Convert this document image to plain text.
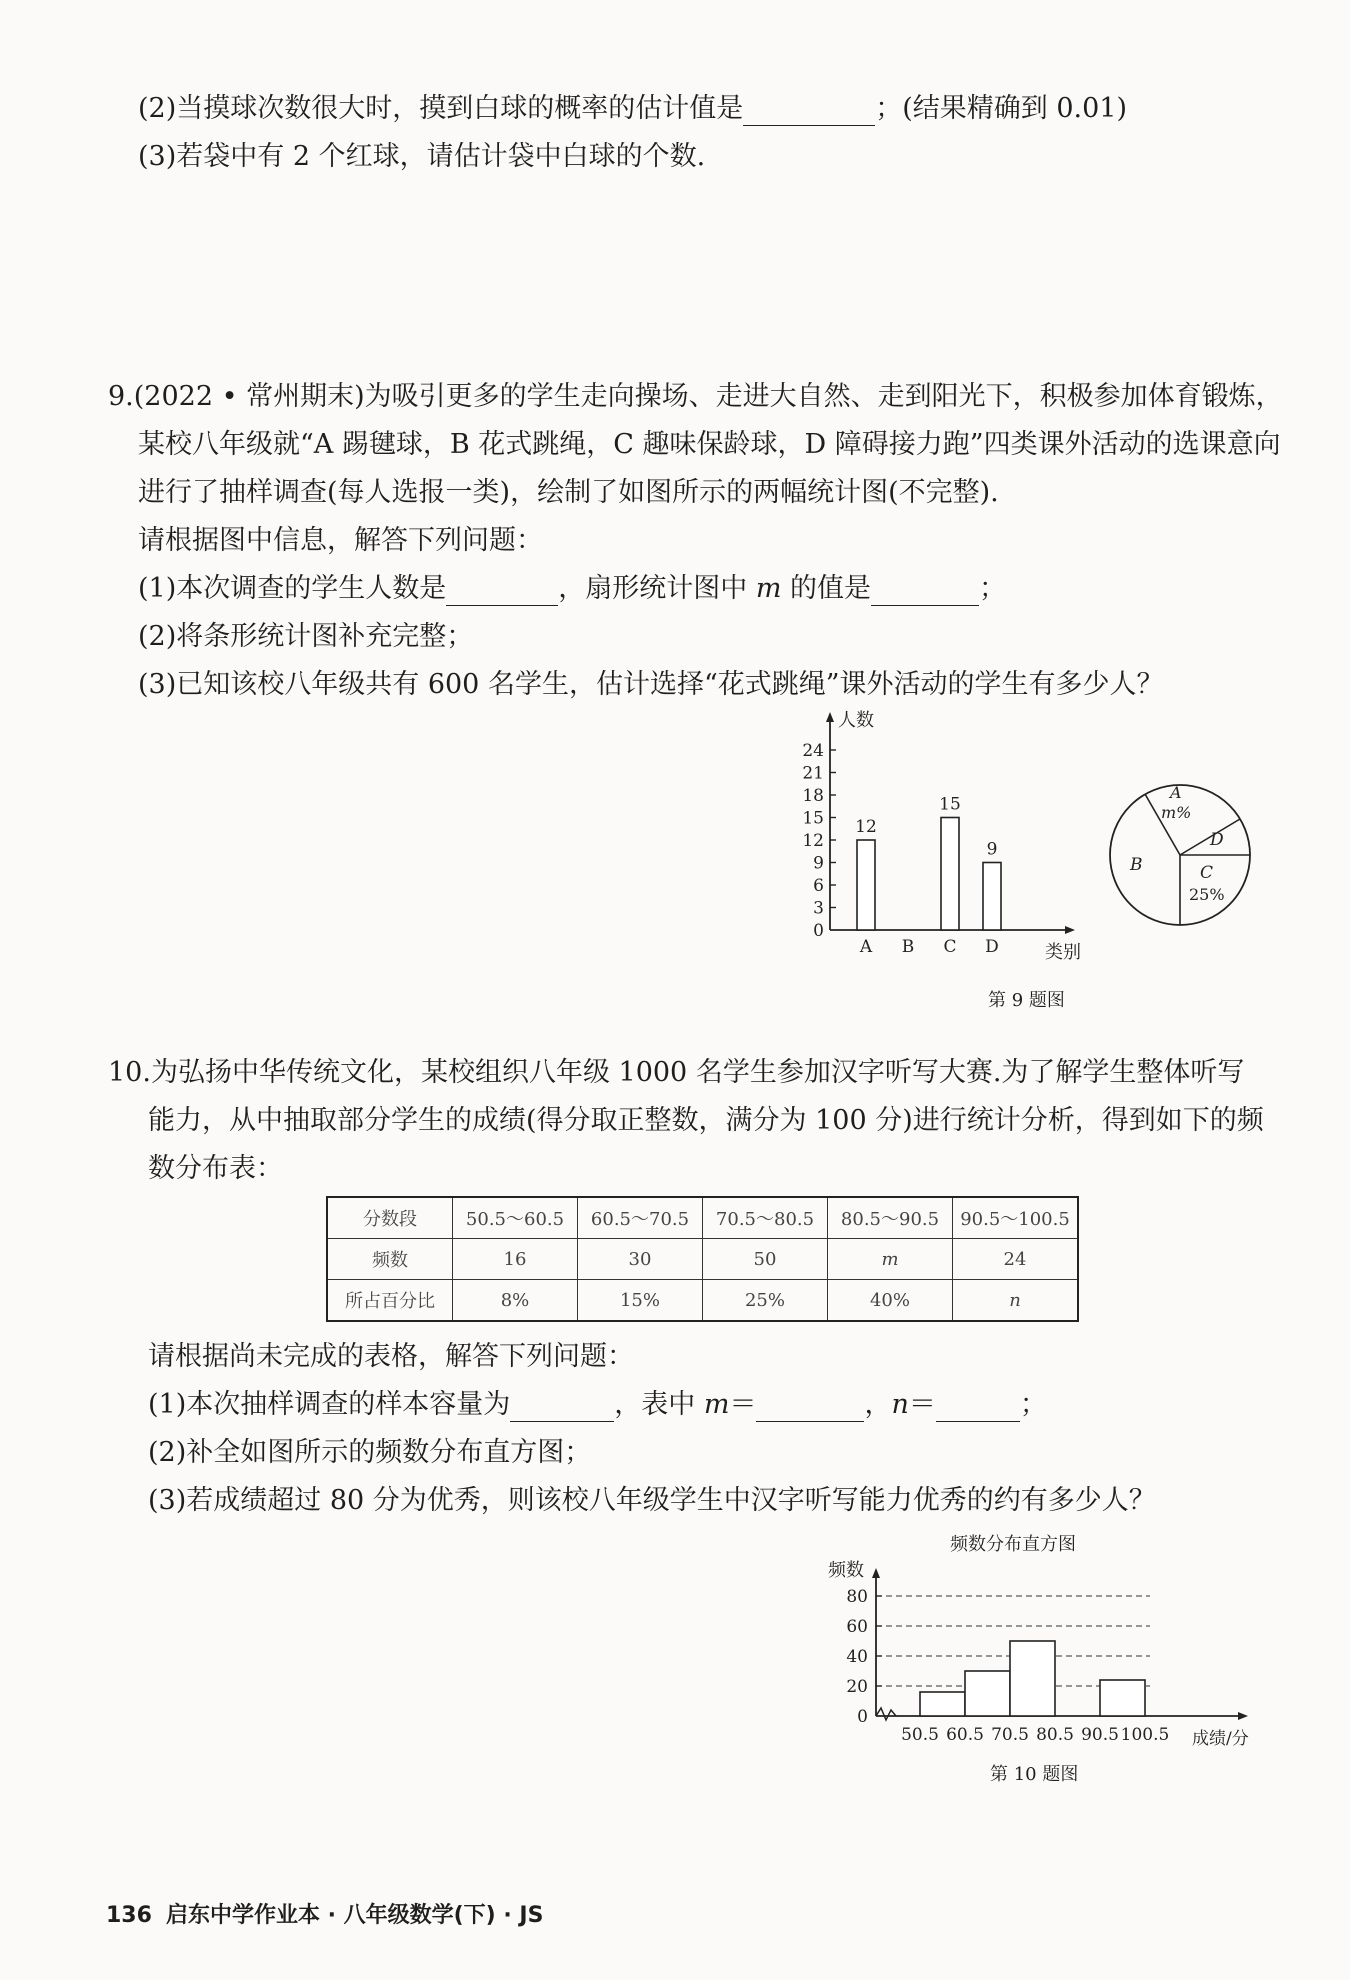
(2)当摸球次数很大时，摸到白球的概率的估计值是	；(结果精确到 0.01)
(3)若袋中有 2 个红球，请估计袋中白球的个数.
9.(2022 • 常州期末)为吸引更多的学生走向操场、走进大自然、走到阳光下，积极参加体育锻炼，
某校八年级就“A 踢毽球，B 花式跳绳，C 趣味保龄球，D 障碍接力跑”四类课外活动的选课意向
进行了抽样调查(每人选报一类)，绘制了如图所示的两幅统计图(不完整).
请根据图中信息，解答下列问题：
(1)本次调查的学生人数是	，扇形统计图中 m 的值是	；
(2)将条形统计图补充完整；
(3)已知该校八年级共有 600 名学生，估计选择“花式跳绳”课外活动的学生有多少人？
人数
类别
0
3
6
9
12
15
18
21
24
12
A B
15
C
9
D
A
m%
D
B	C
25%
第 9 题图
10.为弘扬中华传统文化，某校组织八年级 1000 名学生参加汉字听写大赛.为了解学生整体听写
能力，从中抽取部分学生的成绩(得分取正整数，满分为 100 分)进行统计分析，得到如下的频
数分布表：
分数段	50.5～60.5	60.5～70.5	70.5～80.5	80.5～90.5	90.5～100.5
频数	16	30	50	m	24
所占百分比	8%	15%	25%	40%	n
请根据尚未完成的表格，解答下列问题：
(1)本次抽样调查的样本容量为	，表中 m＝	，n＝	；
(2)补全如图所示的频数分布直方图；
(3)若成绩超过 80 分为优秀，则该校八年级学生中汉字听写能力优秀的约有多少人？
频数分布直方图
频数
成绩/分
0
20
40
60
80
50.5 60.5 70.5 80.5 90.5 100.5
第 10 题图
136 启东中学作业本 · 八年级数学(下) · JS
